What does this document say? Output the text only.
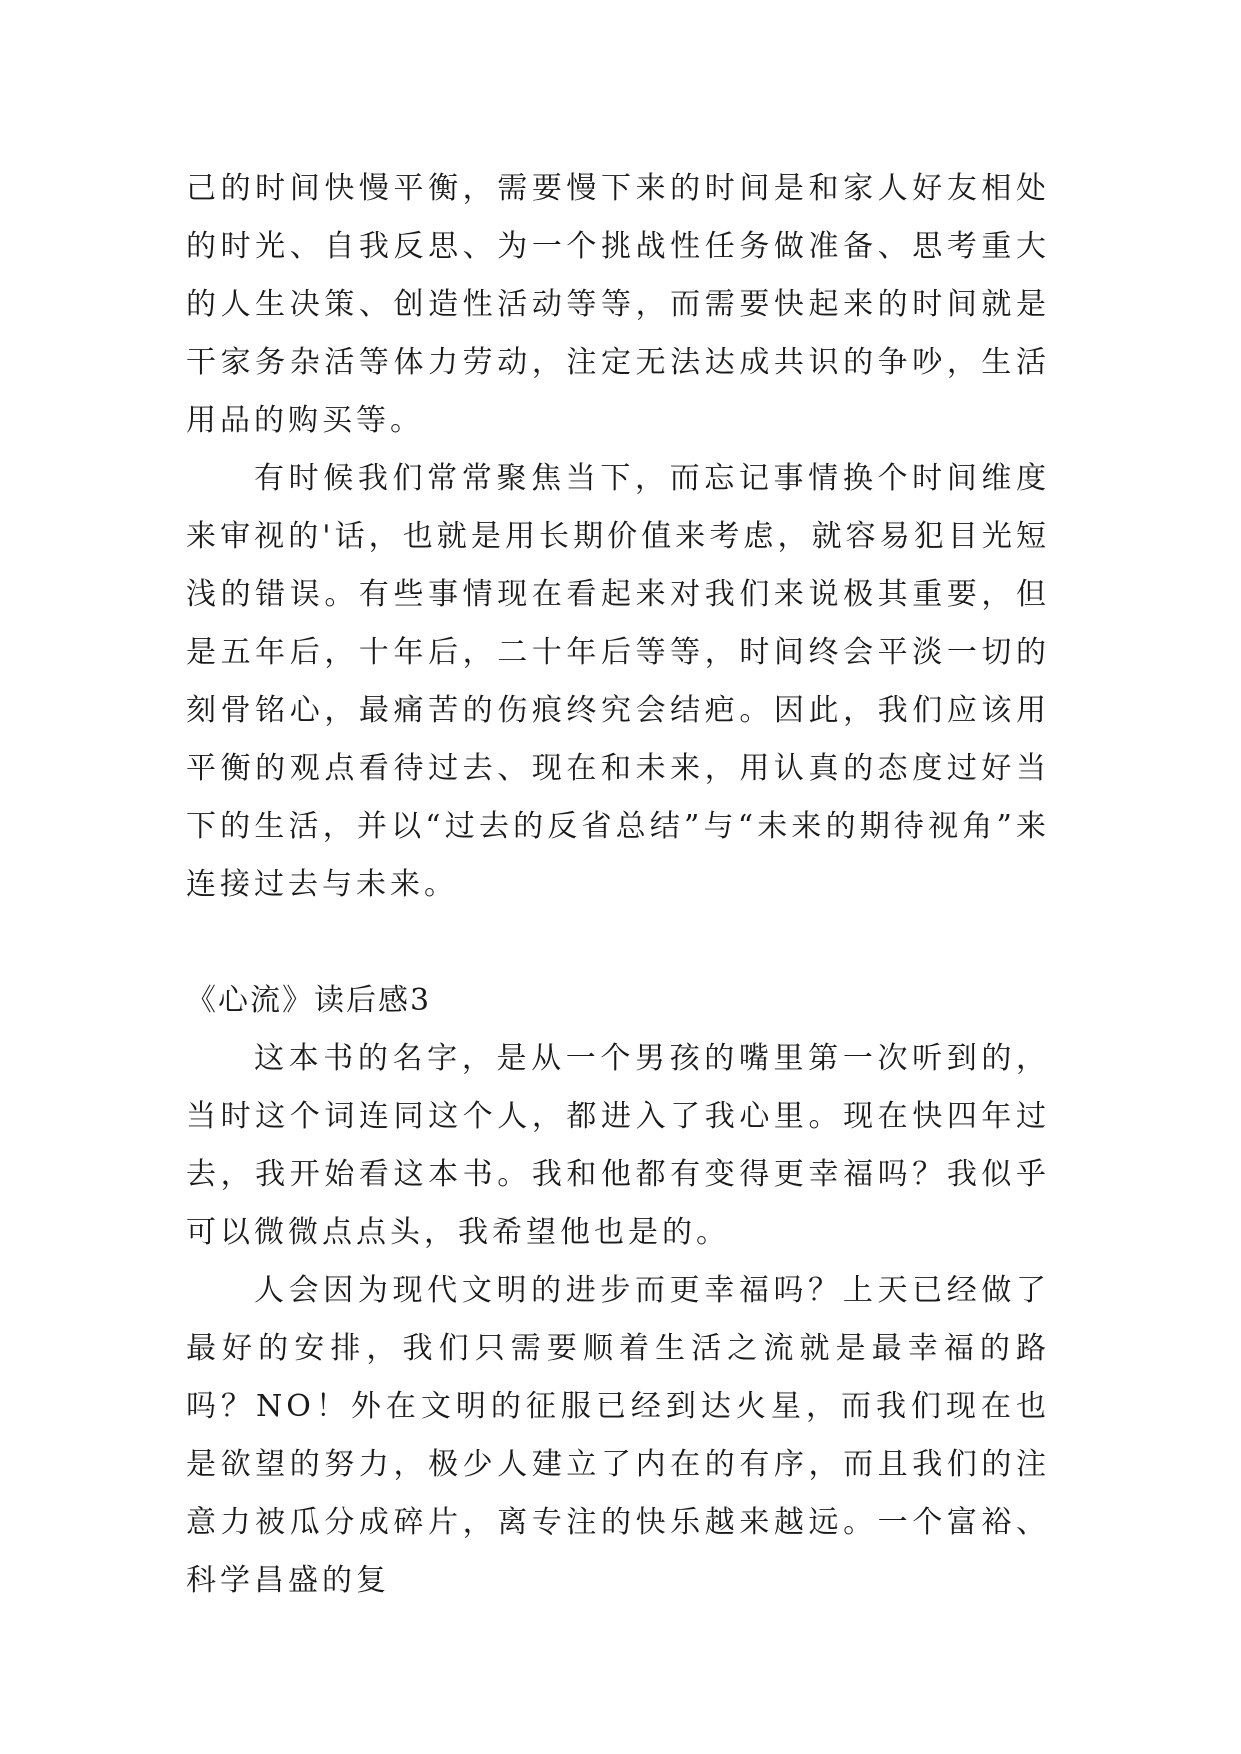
己的时间快慢平衡，需要慢下来的时间是和家人好友相处的时光、自我反思、为一个挑战性任务做准备、思考重大的人生决策、创造性活动等等，而需要快起来的时间就是干家务杂活等体力劳动，注定无法达成共识的争吵，生活用品的购买等。

有时候我们常常聚焦当下，而忘记事情换个时间维度来审视的'话，也就是用长期价值来考虑，就容易犯目光短浅的错误。有些事情现在看起来对我们来说极其重要，但是五年后，十年后，二十年后等等，时间终会平淡一切的刻骨铭心，最痛苦的伤痕终究会结疤。因此，我们应该用平衡的观点看待过去、现在和未来，用认真的态度过好当下的生活，并以“过去的反省总结”与“未来的期待视角”来连接过去与未来。

《心流》读后感3

这本书的名字，是从一个男孩的嘴里第一次听到的，当时这个词连同这个人，都进入了我心里。现在快四年过去，我开始看这本书。我和他都有变得更幸福吗？我似乎可以微微点点头，我希望他也是的。

人会因为现代文明的进步而更幸福吗？上天已经做了最好的安排，我们只需要顺着生活之流就是最幸福的路吗？NO！外在文明的征服已经到达火星，而我们现在也是欲望的努力，极少人建立了内在的有序，而且我们的注意力被瓜分成碎片，离专注的快乐越来越远。一个富裕、科学昌盛的复
